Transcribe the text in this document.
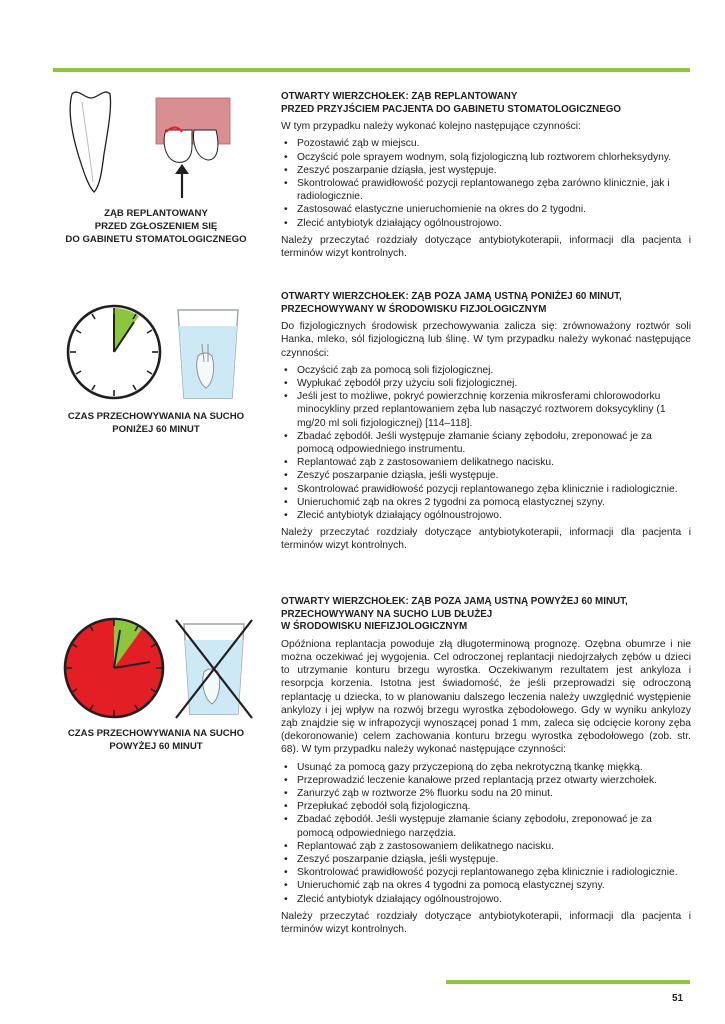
ZĄB REPLANTOWANY
PRZED ZGŁOSZENIEM SIĘ
DO GABINETU STOMATOLOGICZNEGO
CZAS PRZECHOWYWANIA NA SUCHO
PONIŻEJ 60 MINUT
CZAS PRZECHOWYWANIA NA SUCHO
POWYŻEJ 60 MINUT
OTWARTY WIERZCHOŁEK: ZĄB REPLANTOWANY
PRZED PRZYJŚCIEM PACJENTA DO GABINETU STOMATOLOGICZNEGO

W tym przypadku należy wykonać kolejno następujące czynności:

• Pozostawić ząb w miejscu.
• Oczyścić pole sprayem wodnym, solą fizjologiczną lub roztworem chlorheksydyny.
• Zeszyć poszarpanie dziąsła, jest występuje.
• Skontrolować prawidłowość pozycji replantowanego zęba zarówno klinicznie, jak i radiologicznie.
• Zastosować elastyczne unieruchomienie na okres do 2 tygodni.
• Zlecić antybiotyk działający ogólnoustrojowo.

Należy przeczytać rozdziały dotyczące antybiotykoterapii, informacji dla pacjenta i terminów wizyt kontrolnych.

OTWARTY WIERZCHOŁEK: ZĄB POZA JAMĄ USTNĄ PONIŻEJ 60 MINUT,
PRZECHOWYWANY W ŚRODOWISKU FIZJOLOGICZNYM

Do fizjologicznych środowisk przechowywania zalicza się: zrównoważony roztwór soli Hanka, mleko, sól fizjologiczną lub ślinę. W tym przypadku należy wykonać następujące czynności:

• Oczyścić ząb za pomocą soli fizjologicznej.
• Wypłukać zębodół przy użyciu soli fizjologicznej.
• Jeśli jest to możliwe, pokryć powierzchnię korzenia mikrosferami chlorowodorku minocykliny przed replantowaniem zęba lub nasączyć roztworem doksycykliny (1 mg/20 ml soli fizjologicznej) [114–118].
• Zbadać zębodół. Jeśli występuje złamanie ściany zębodołu, zreponować je za pomocą odpowiedniego instrumentu.
• Replantować ząb z zastosowaniem delikatnego nacisku.
• Zeszyć poszarpanie dziąsła, jeśli występuje.
• Skontrolować prawidłowość pozycji replantowanego zęba klinicznie i radiologicznie.
• Unieruchomić ząb na okres 2 tygodni za pomocą elastycznej szyny.
• Zlecić antybiotyk działający ogólnoustrojowo.

Należy przeczytać rozdziały dotyczące antybiotykoterapii, informacji dla pacjenta i terminów wizyt kontrolnych.

OTWARTY WIERZCHOŁEK: ZĄB POZA JAMĄ USTNĄ POWYŻEJ 60 MINUT,
PRZECHOWYWANY NA SUCHO LUB DŁUŻEJ
W ŚRODOWISKU NIEFIZJOLOGICZNYM

Opóźniona replantacja powoduje złą długoterminową prognozę. Ozębna obumrze i nie można oczekiwać jej wygojenia. Cel odroczonej replantacji niedojrzałych zębów u dzieci to utrzymanie konturu brzegu wyrostka. Oczekiwanym rezultatem jest ankyloza i resorpcja korzenia. Istotna jest świadomość, że jeśli przeprowadzi się odroczoną replantację u dziecka, to w planowaniu dalszego leczenia należy uwzględnić występienie ankylozy i jej wpływ na rozwój brzegu wyrostka zębodołowego. Gdy w wyniku ankylozy ząb znajdzie się w infrapozycji wynoszącej ponad 1 mm, zaleca się odcięcie korony zęba (dekoronowanie) celem zachowania konturu brzegu wyrostka zębodołowego (zob. str. 68). W tym przypadku należy wykonać następujące czynności:

• Usunąć za pomocą gazy przyczepioną do zęba nekrotyczną tkankę miękką.
• Przeprowadzić leczenie kanałowe przed replantacją przez otwarty wierzchołek.
• Zanurzyć ząb w roztworze 2% fluorku sodu na 20 minut.
• Przepłukać zębodół solą fizjologiczną.
• Zbadać zębodół. Jeśli występuje złamanie ściany zębodołu, zreponować je za pomocą odpowiedniego narzędzia.
• Replantować ząb z zastosowaniem delikatnego nacisku.
• Zeszyć poszarpanie dziąsła, jeśli występuje.
• Skontrolować prawidłowość pozycji replantowanego zęba klinicznie i radiologicznie.
• Unieruchomić ząb na okres 4 tygodni za pomocą elastycznej szyny.
• Zlecić antybiotyk działający ogólnoustrojowo.

Należy przeczytać rozdziały dotyczące antybiotykoterapii, informacji dla pacjenta i terminów wizyt kontrolnych.

51
